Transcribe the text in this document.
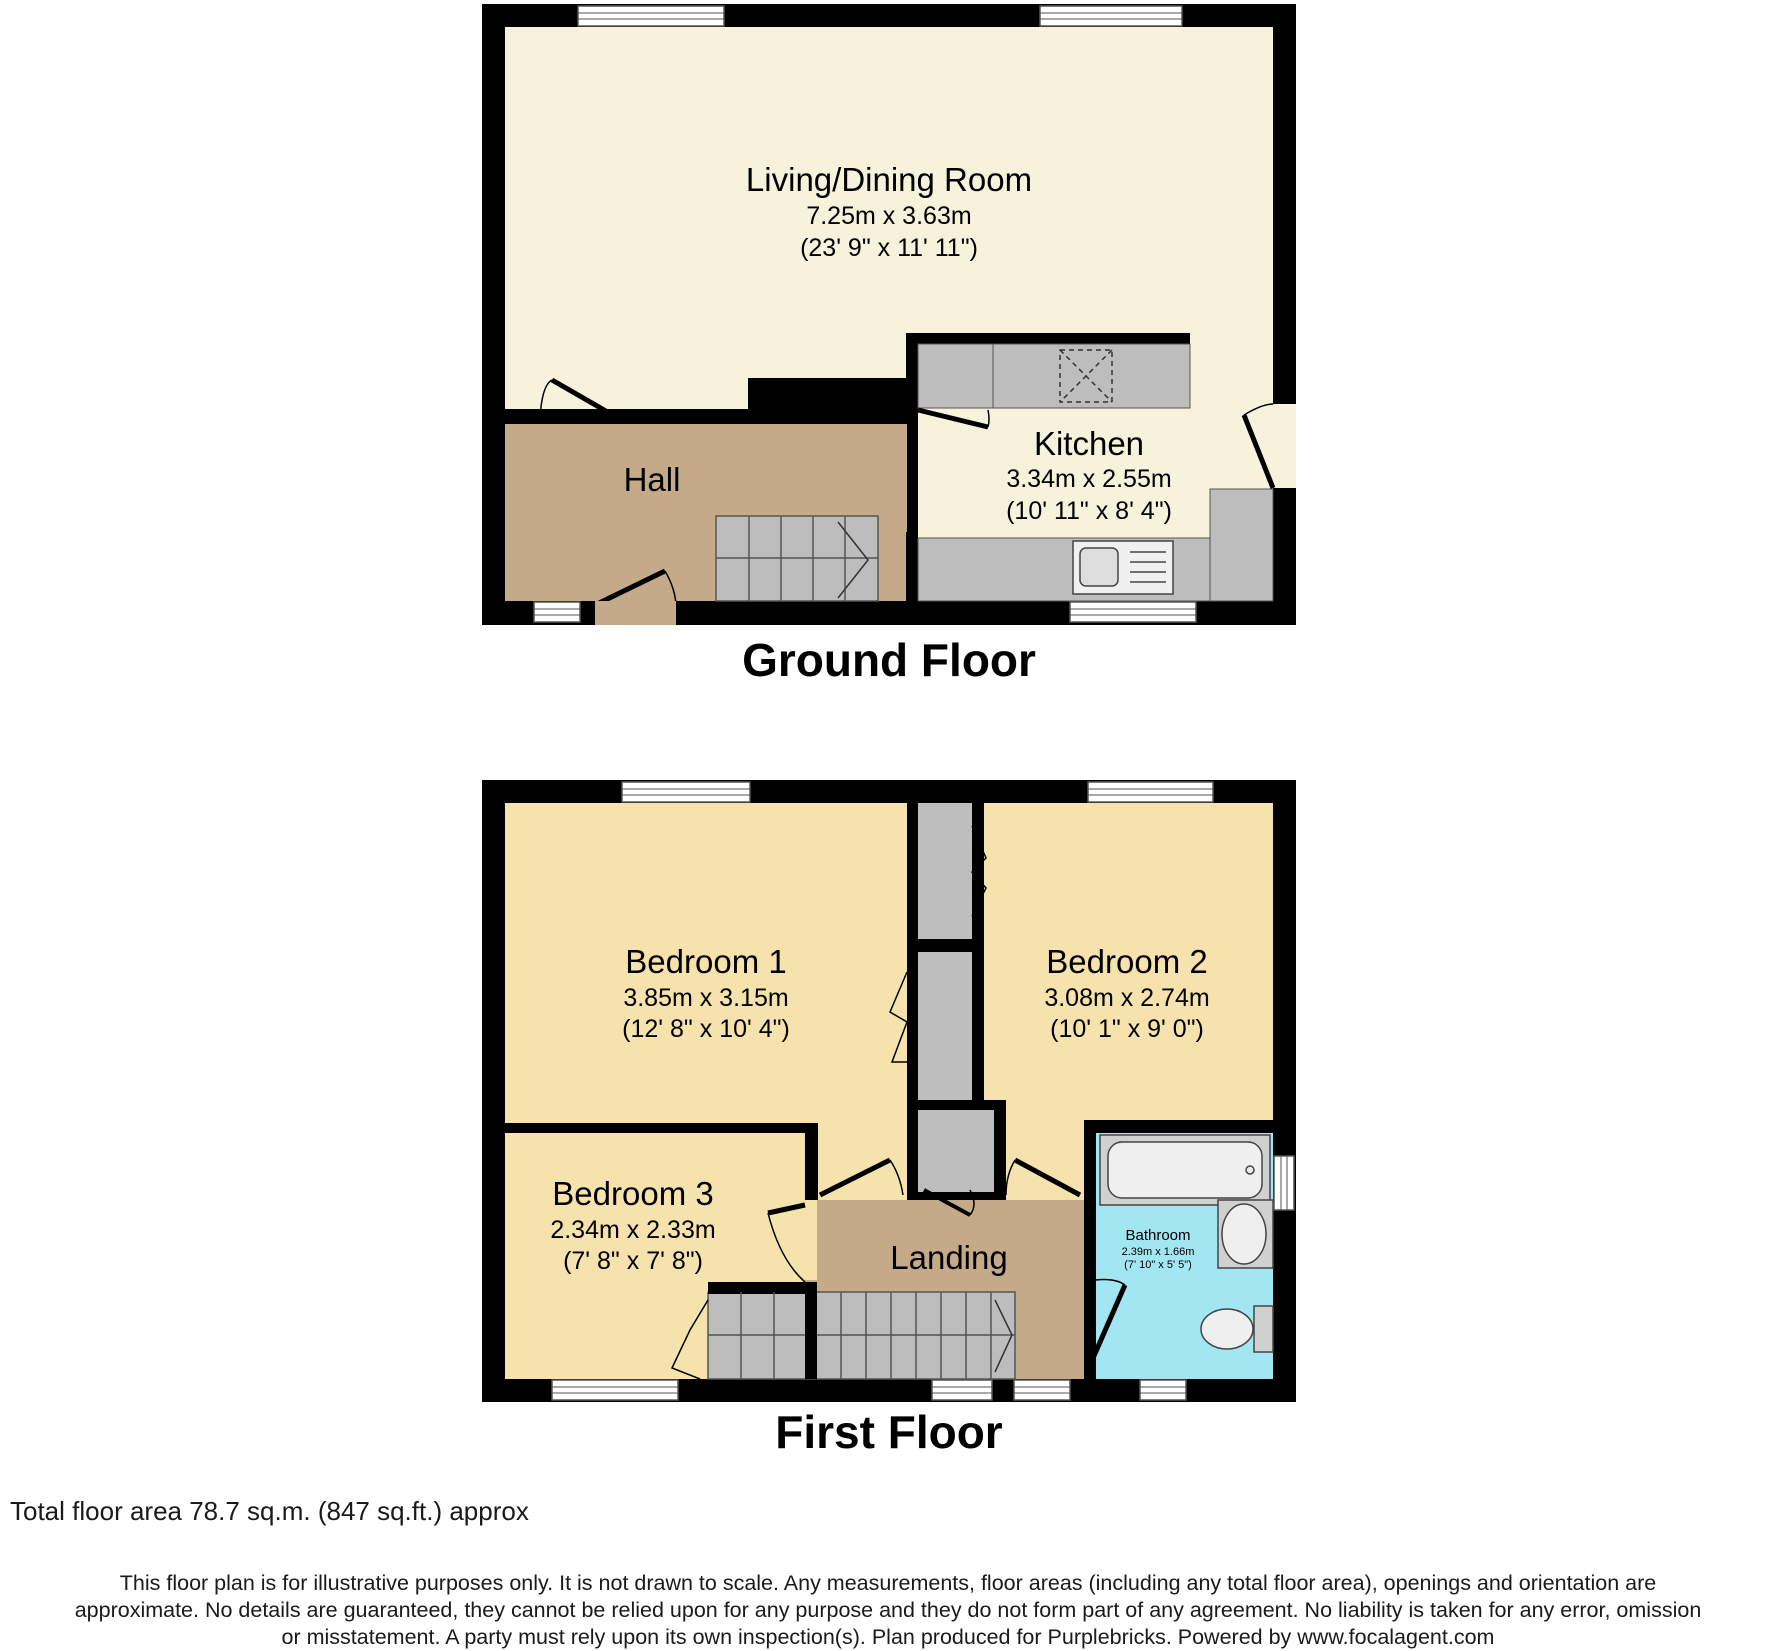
Living/Dining Room
7.25m x 3.63m
(23' 9" x 11' 11")
Kitchen
3.34m x 2.55m
(10' 11" x 8' 4")
Hall
Ground Floor
Bedroom 1
3.85m x 3.15m
(12' 8" x 10' 4")
Bedroom 2
3.08m x 2.74m
(10' 1" x 9' 0")
Bedroom 3
2.34m x 2.33m
(7' 8" x 7' 8")	Landing
Bathroom
2.39m x 1.66m
(7' 10" x 5' 5")
First Floor
Total floor area 78.7 sq.m. (847 sq.ft.) approx
This floor plan is for illustrative purposes only. It is not drawn to scale. Any measurements, floor areas (including any total floor area), openings and orientation are
approximate. No details are guaranteed, they cannot be relied upon for any purpose and they do not form part of any agreement. No liability is taken for any error, omission
or misstatement. A party must rely upon its own inspection(s). Plan produced for Purplebricks. Powered by www.focalagent.com
